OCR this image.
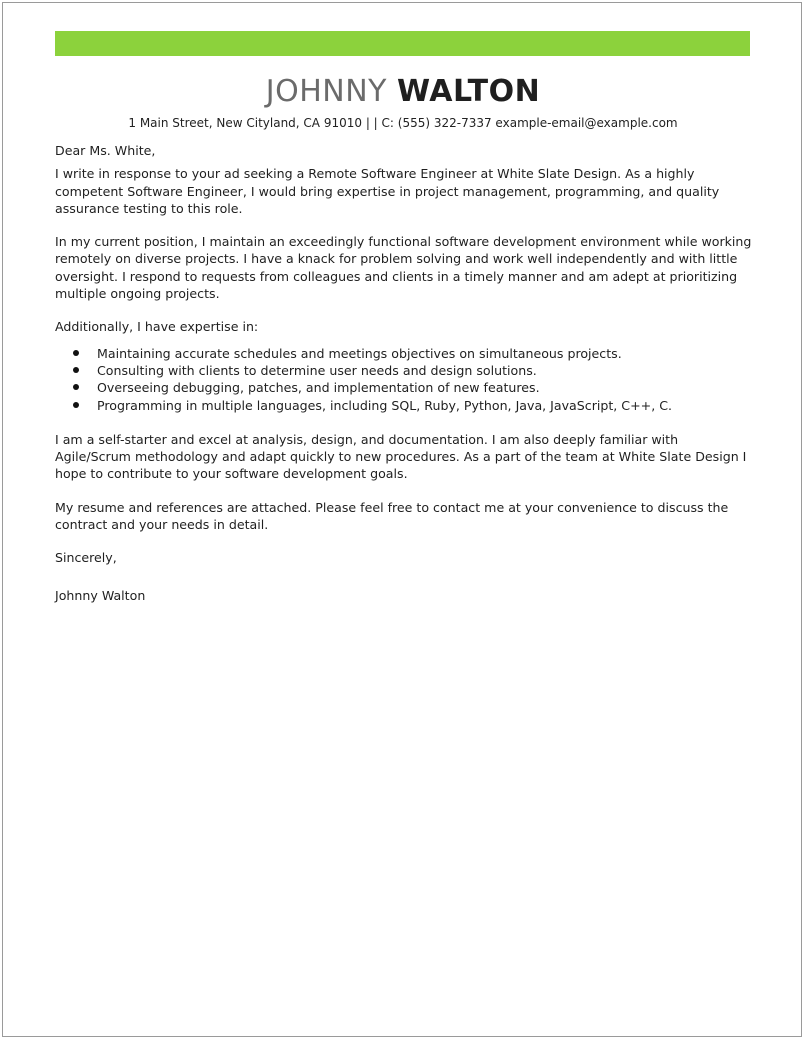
JOHNNY WALTON
1 Main Street, New Cityland, CA 91010 | | C: (555) 322-7337 example-email@example.com

Dear Ms. White,

I write in response to your ad seeking a Remote Software Engineer at White Slate Design. As a highly competent Software Engineer, I would bring expertise in project management, programming, and quality assurance testing to this role.

In my current position, I maintain an exceedingly functional software development environment while working remotely on diverse projects. I have a knack for problem solving and work well independently and with little oversight. I respond to requests from colleagues and clients in a timely manner and am adept at prioritizing multiple ongoing projects.

Additionally, I have expertise in:

Maintaining accurate schedules and meetings objectives on simultaneous projects.
Consulting with clients to determine user needs and design solutions.
Overseeing debugging, patches, and implementation of new features.
Programming in multiple languages, including SQL, Ruby, Python, Java, JavaScript, C++, C.

I am a self-starter and excel at analysis, design, and documentation. I am also deeply familiar with Agile/Scrum methodology and adapt quickly to new procedures. As a part of the team at White Slate Design I hope to contribute to your software development goals.

My resume and references are attached. Please feel free to contact me at your convenience to discuss the contract and your needs in detail.

Sincerely,

Johnny Walton
